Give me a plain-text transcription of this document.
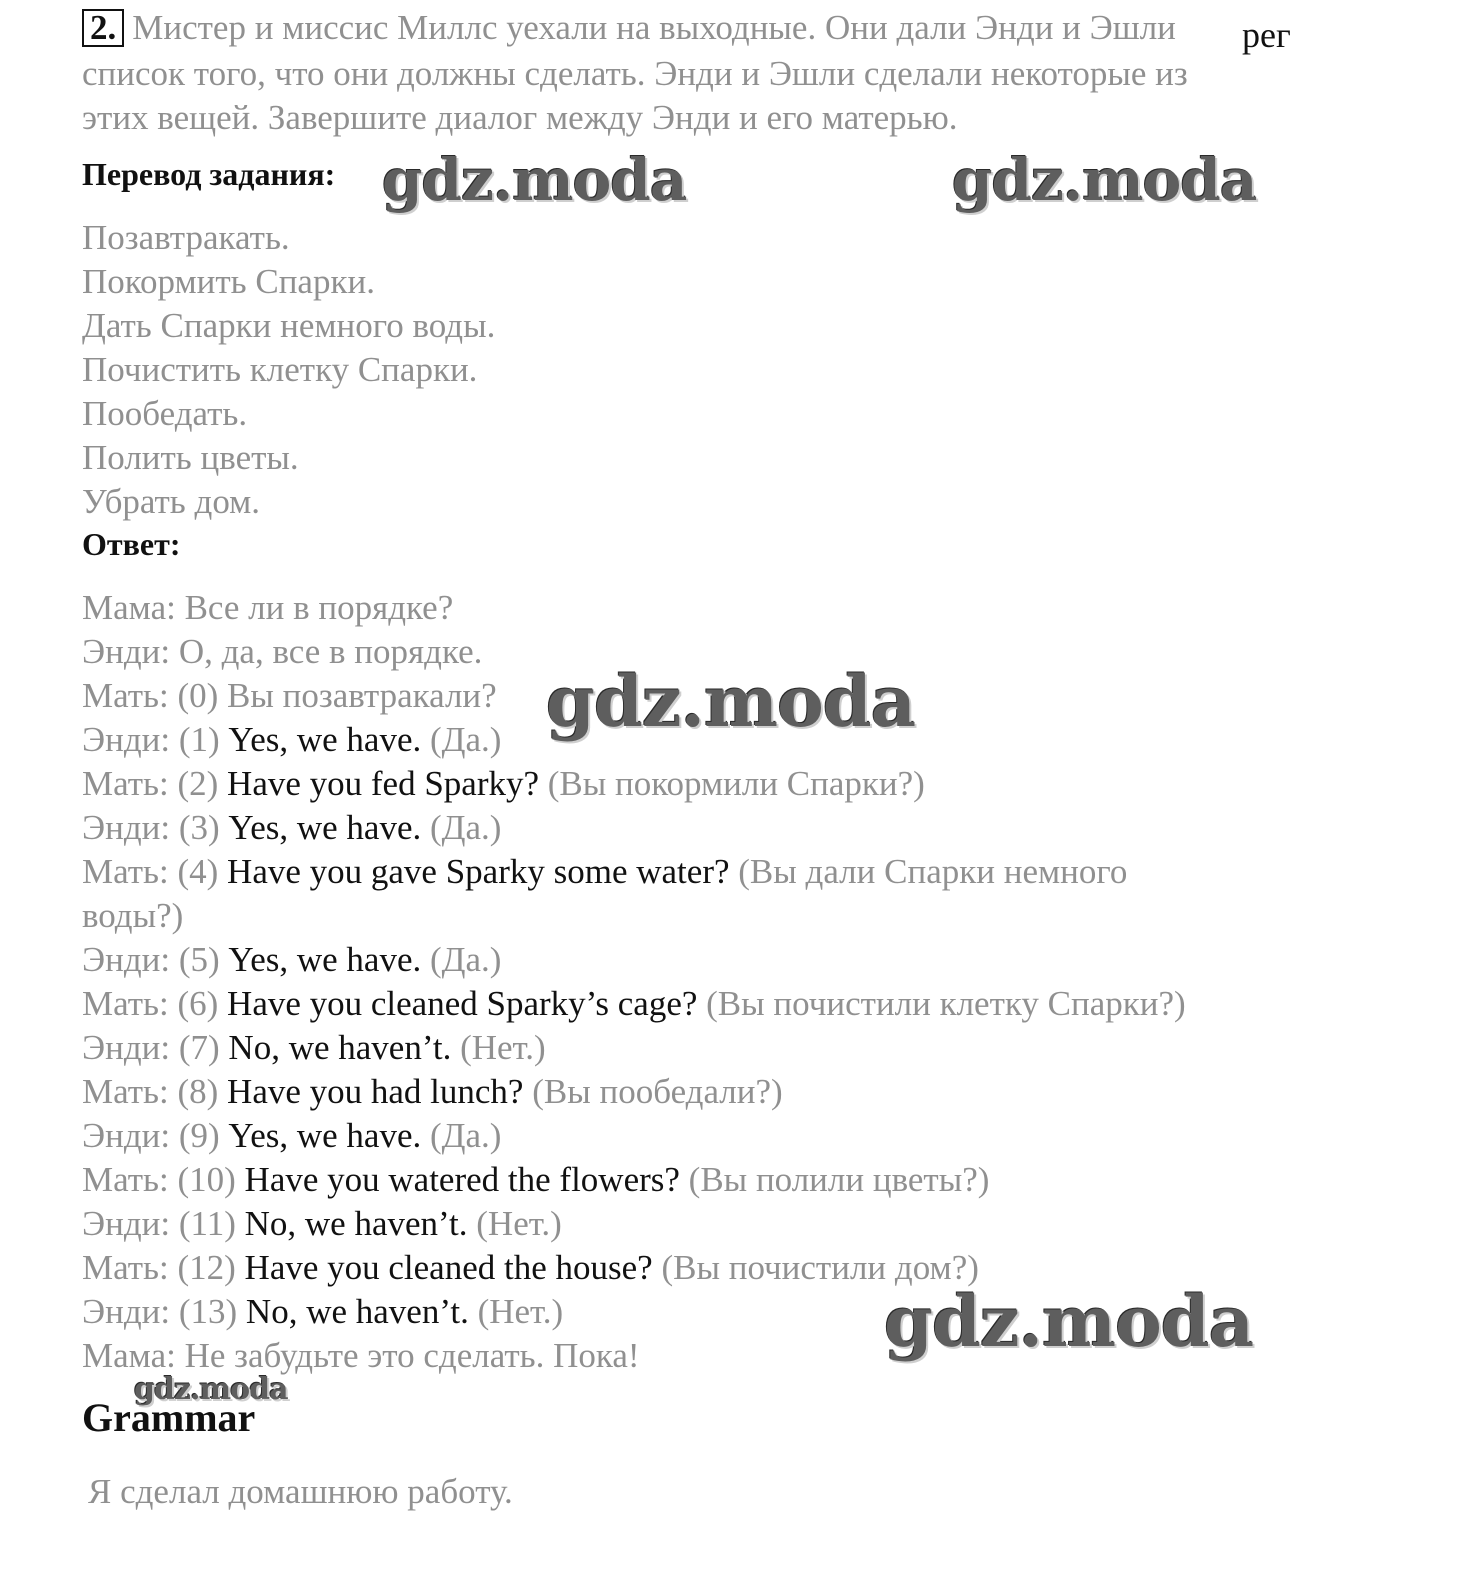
2. Мистер и миссис Миллс уехали на выходные. Они дали Энди и Эшли рег
список того, что они должны сделать. Энди и Эшли сделали некоторые из
этих вещей. Завершите диалог между Энди и его матерью.
Перевод задания:
Позавтракать.
Покормить Спарки.
Дать Спарки немного воды.
Почистить клетку Спарки.
Пообедать.
Полить цветы.
Убрать дом.
Ответ:
Мама: Все ли в порядке?
Энди: О, да, все в порядке.
Мать: (0) Вы позавтракали?
Энди: (1) Yes, we have. (Да.)
Мать: (2) Have you fed Sparky? (Вы покормили Спарки?)
Энди: (3) Yes, we have. (Да.)
Мать: (4) Have you gave Sparky some water? (Вы дали Спарки немного
воды?)
Энди: (5) Yes, we have. (Да.)
Мать: (6) Have you cleaned Sparky’s cage? (Вы почистили клетку Спарки?)
Энди: (7) No, we haven’t. (Нет.)
Мать: (8) Have you had lunch? (Вы пообедали?)
Энди: (9) Yes, we have. (Да.)
Мать: (10) Have you watered the flowers? (Вы полили цветы?)
Энди: (11) No, we haven’t. (Нет.)
Мать: (12) Have you cleaned the house? (Вы почистили дом?)
Энди: (13) No, we haven’t. (Нет.)
Мама: Не забудьте это сделать. Пока!
Grammar
Я сделал домашнюю работу.
gdz.moda	gdz.moda
gdz.moda
gdz.moda
gdz.moda
